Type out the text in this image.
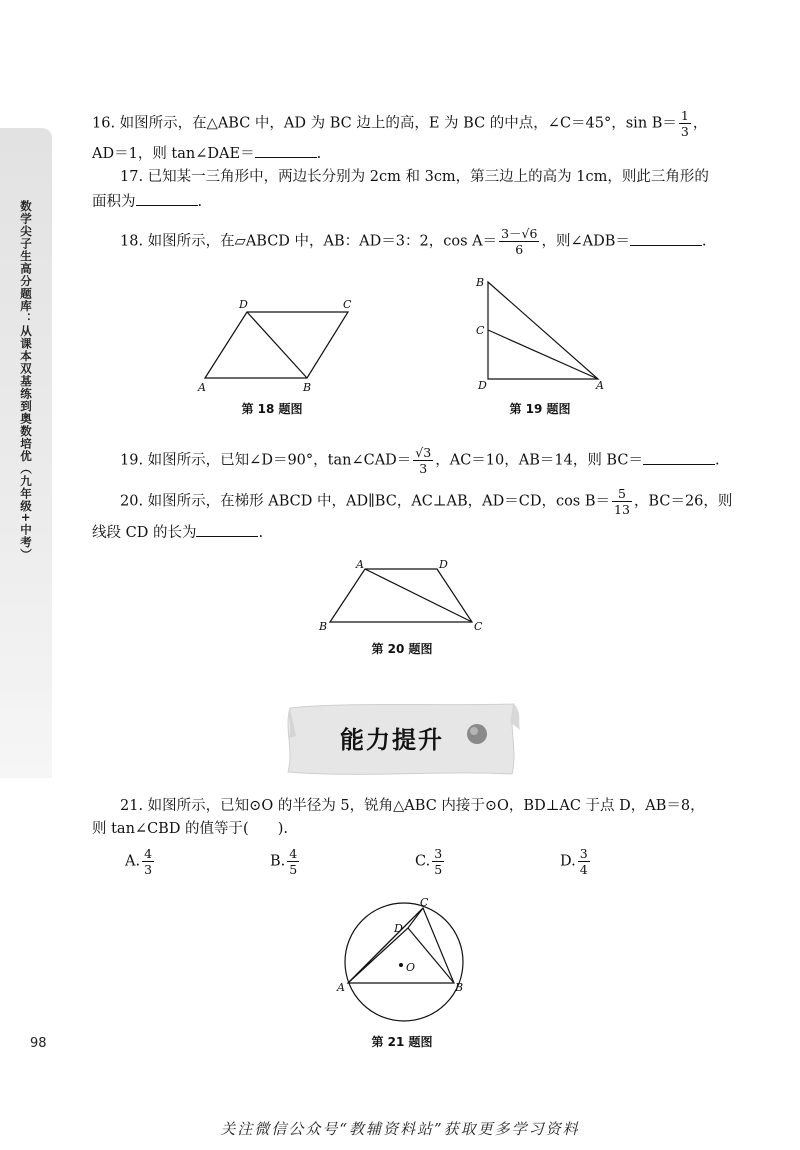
数学尖子生高分题库：从课本双基练到奥数培优（九年级+中考）
98
16. 如图所示，在△ABC 中，AD 为 BC 边上的高，E 为 BC 的中点，∠C＝45°，$\sin B= \frac{1}{3}$ ，
AD＝1，则 tan∠DAE＝	.
17. 已知某一三角形中，两边长分别为 2cm 和 3cm，第三边上的高为 1cm，则此三角形的
面积为	.
18. 如图所示，在▱ABCD 中，AB：AD＝3：2，$\cos A= \frac{3-√6}{6}$ ，则∠ADB＝	.
A	B
C
D
第 18 题图
B
C
D	A
第 19 题图
19. 如图所示，已知∠D＝90°，tan∠CAD＝ $\frac{√3}{3}$ ，AC＝10，AB＝14，则 BC＝	.
20. 如图所示，在梯形 ABCD 中，AD∥BC，AC⊥AB，AD＝CD，$\cos B= \frac{5}{13}$ ，BC＝26，则
线段 CD 的长为	.
A	D
B	C
第 20 题图
能力提升
21. 如图所示，已知⊙O 的半径为 5，锐角△ABC 内接于⊙O，BD⊥AC 于点 D，AB＝8，
则 tan∠CBD 的值等于(　　).
A. $\frac{4}{3}$	B. $\frac{4}{5}$	C. $\frac{3}{5}$	D. $\frac{3}{4}$
A	B
C
D
O
第 21 题图
关注微信公众号“教辅资料站”获取更多学习资料
